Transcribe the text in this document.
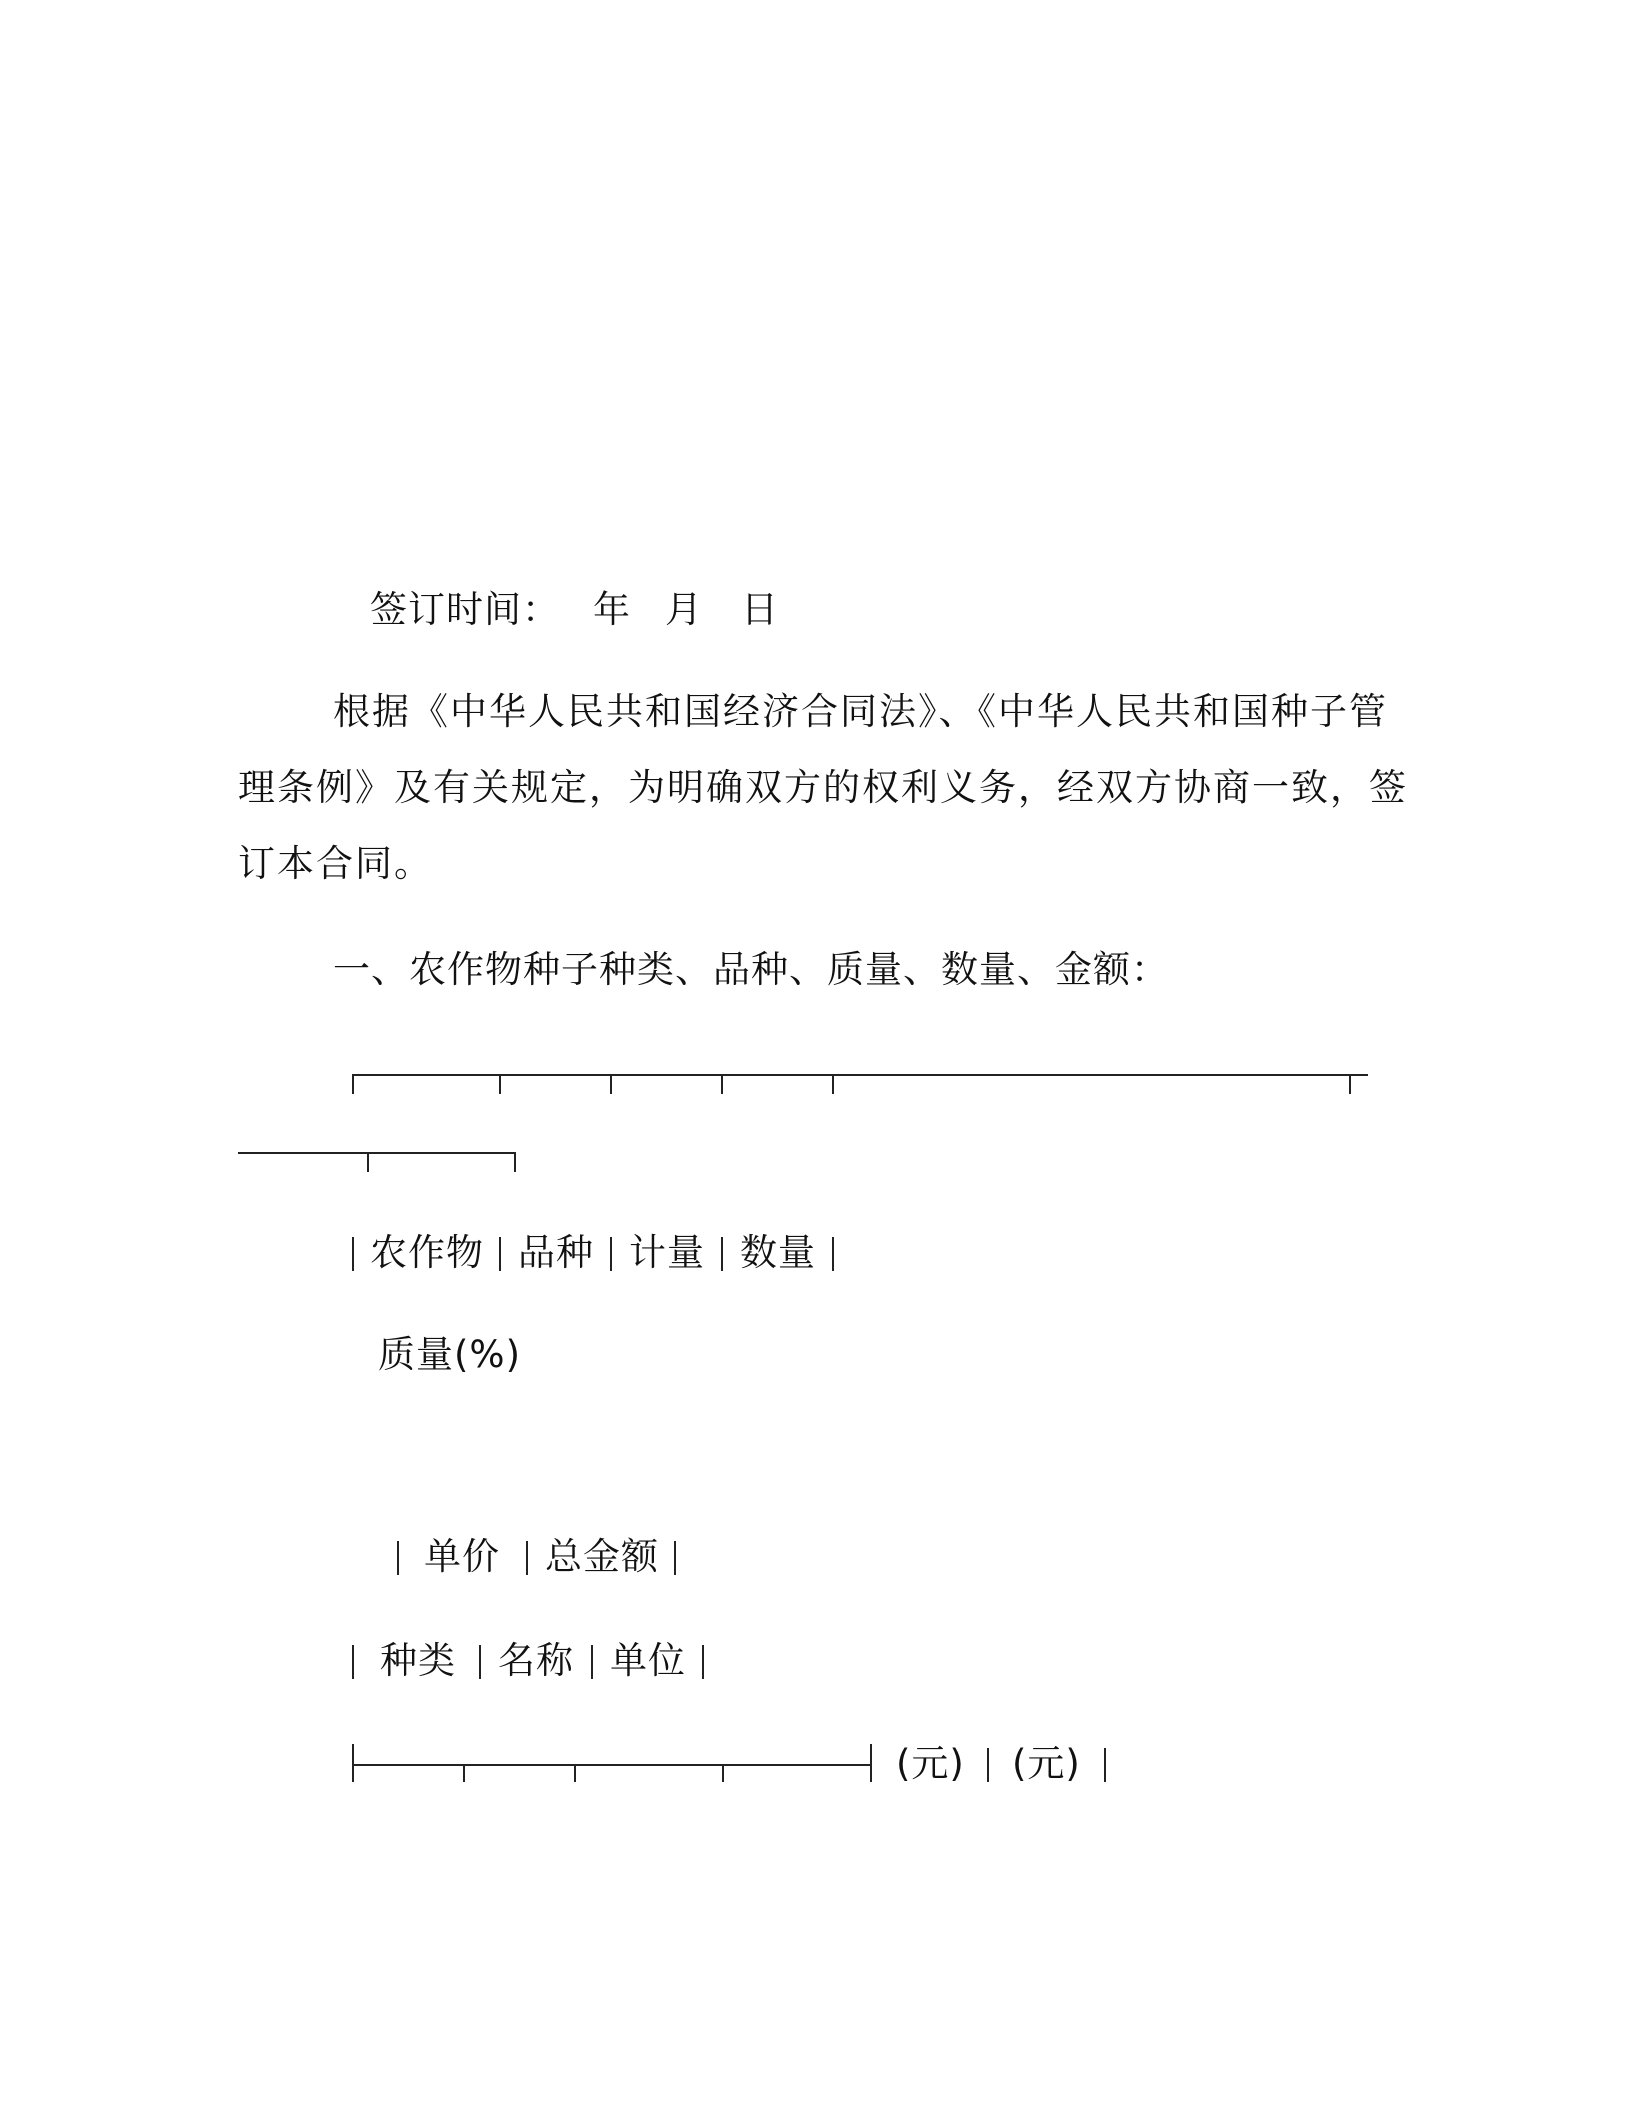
签订时间： 年 月 日
根据《中华人民共和国经济合同法》、《中华人民共和国种子管
理条例》及有关规定，为明确双方的权利义务，经双方协商一致，签
订本合同。
一、农作物种子种类、品种、质量、数量、金额：
农作物 品种 计量 数量
质量(%)
单价 总金额
种类 名称 单位
(元) (元)
